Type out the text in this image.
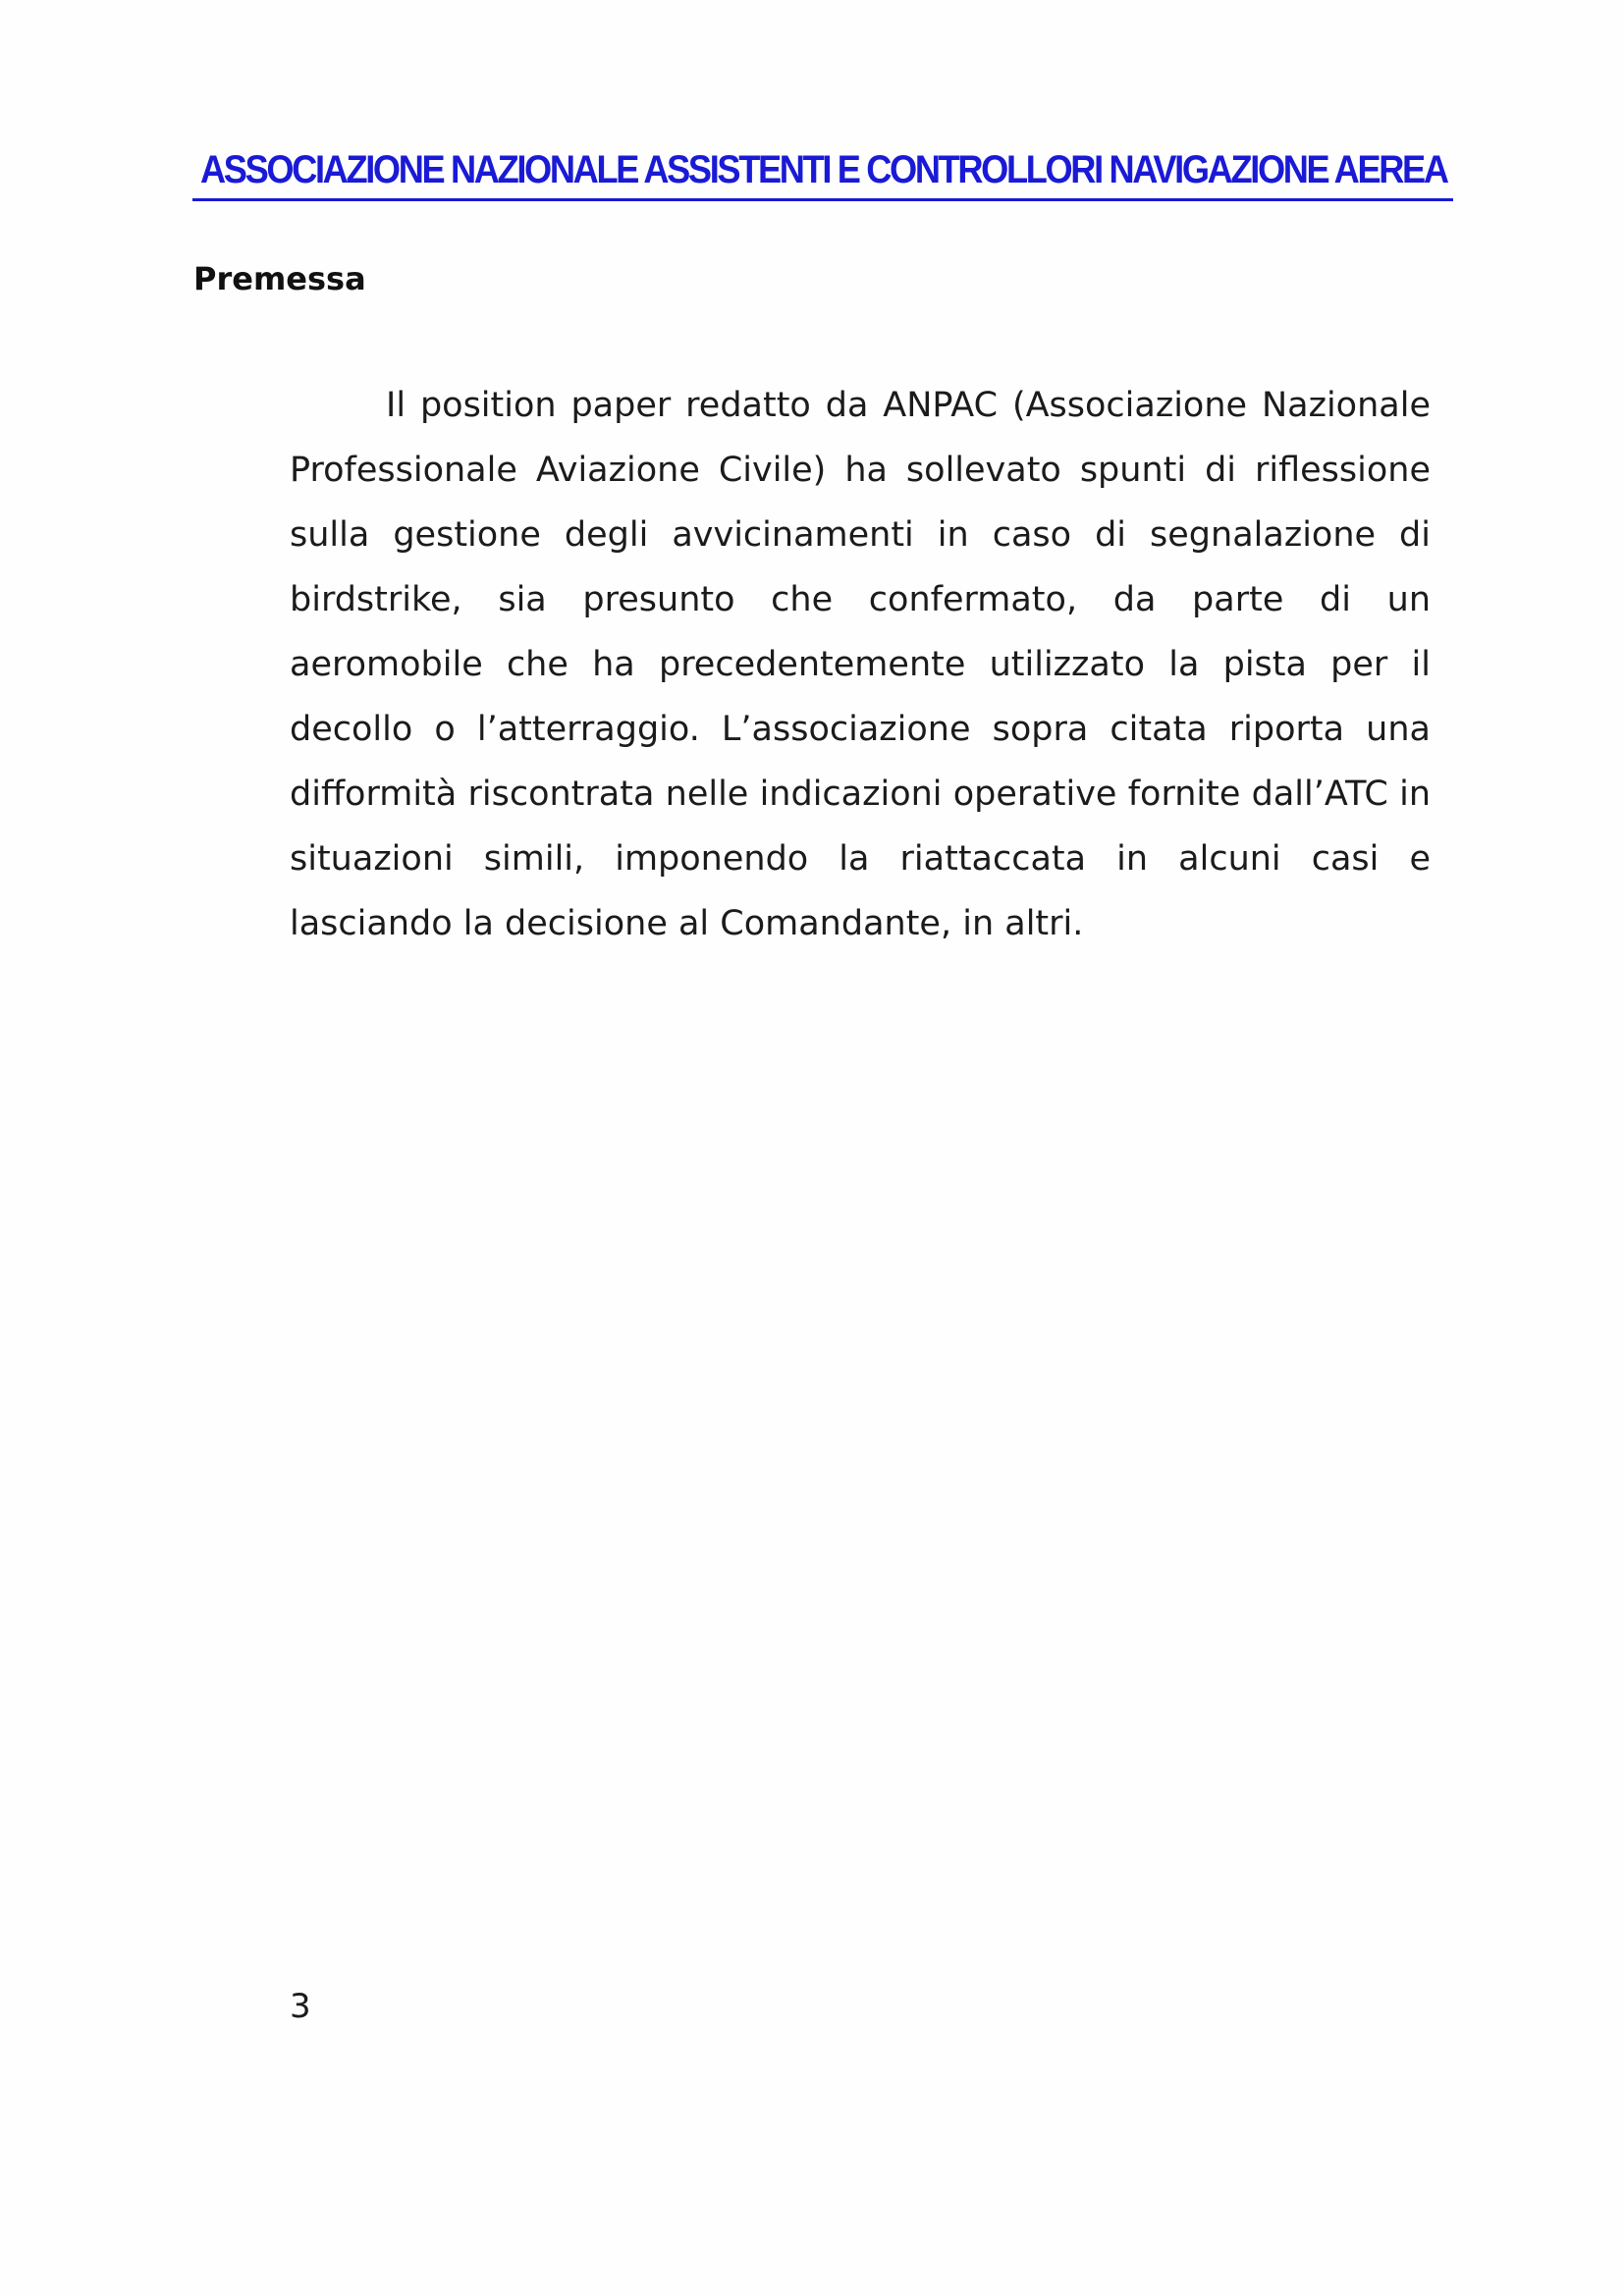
ASSOCIAZIONE NAZIONALE ASSISTENTI E CONTROLLORI NAVIGAZIONE AEREA
Premessa

Il position paper redatto da ANPAC (Associazione Nazionale Professionale Aviazione Civile) ha sollevato spunti di riflessione sulla gestione degli avvicinamenti in caso di segnalazione di birdstrike, sia presunto che confermato, da parte di un aeromobile che ha precedentemente utilizzato la pista per il decollo o l’atterraggio. L’associazione sopra citata riporta una difformità riscontrata nelle indicazioni operative fornite dall’ATC in situazioni simili, imponendo la riattaccata in alcuni casi e lasciando la decisione al Comandante, in altri.

3
